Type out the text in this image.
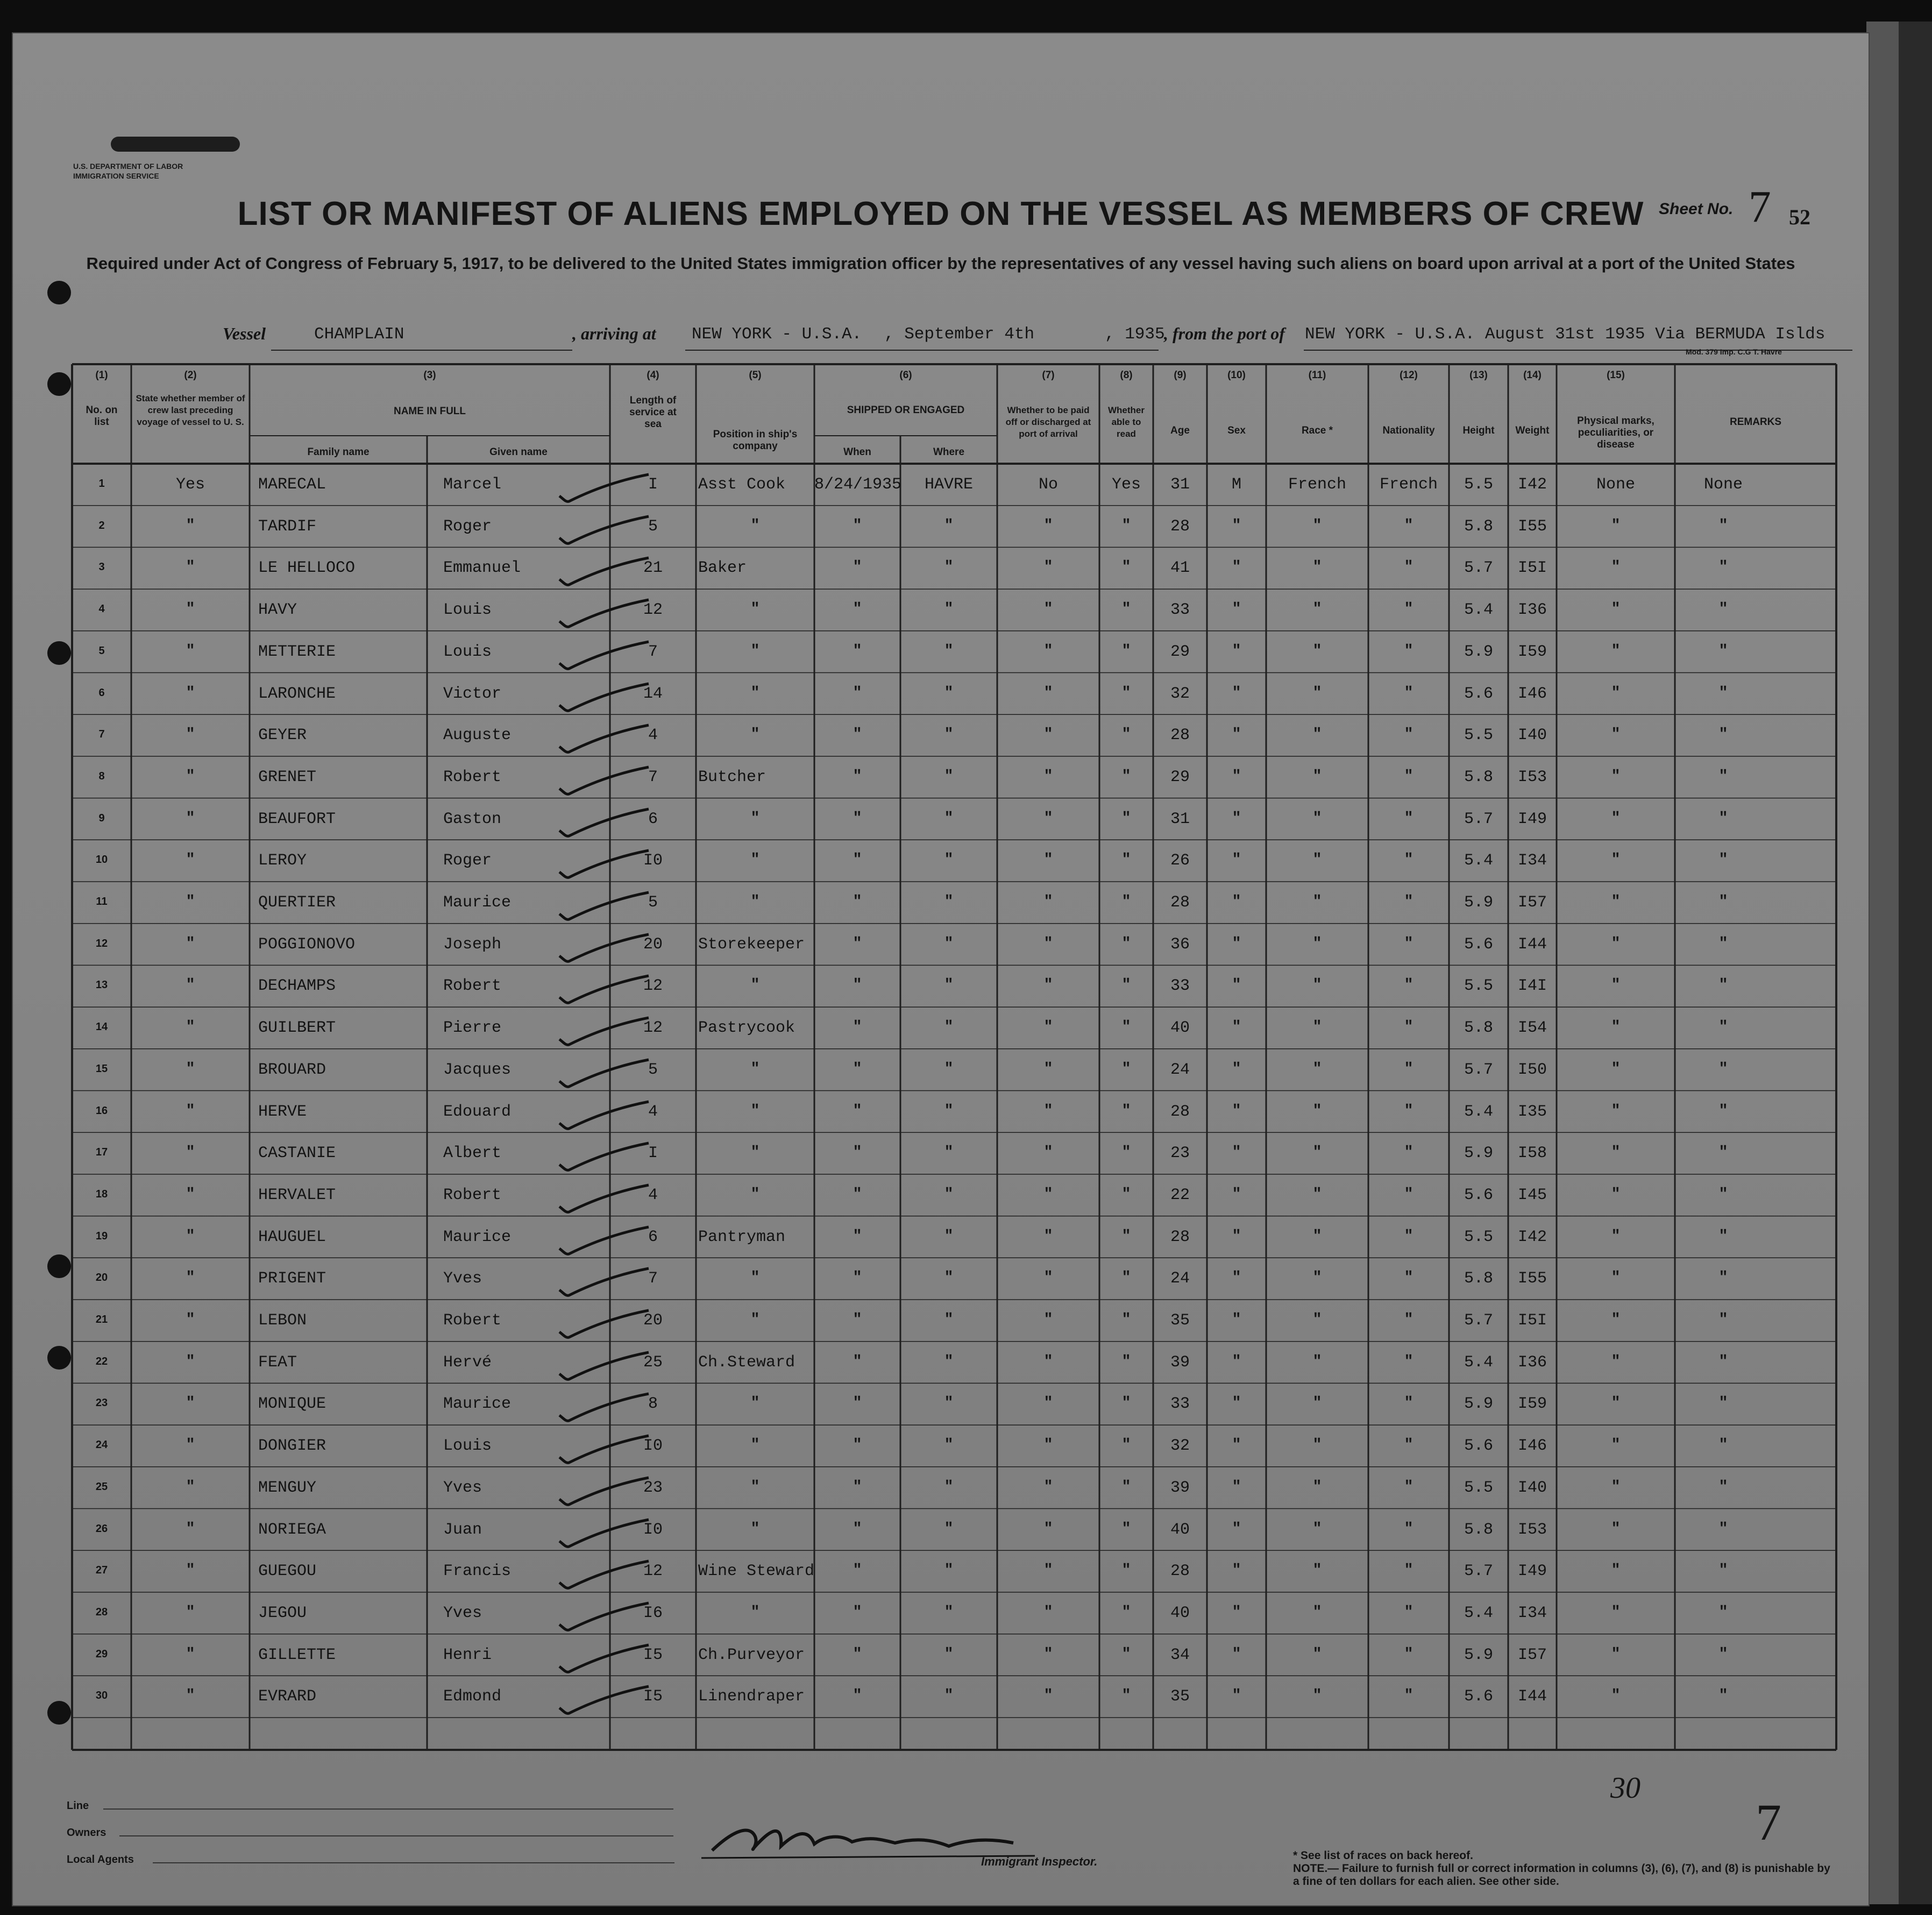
U.S. DEPARTMENT OF LABOR
IMMIGRATION SERVICE
Sheet No. 7 52
LIST OR MANIFEST OF ALIENS EMPLOYED ON THE VESSEL AS MEMBERS OF CREW
Required under Act of Congress of February 5, 1917, to be delivered to the United States immigration officer by the representatives of any vessel having such aliens on board upon arrival at a port of the United States
Vessel	CHAMPLAIN	, arriving at NEW YORK - U.S.A. , September 4th	, 1935
, from the port of NEW YORK - U.S.A. August 31st 1935 Via BERMUDA Islds
Mod. 379 Imp. C.G T. Havre
(1)
No. on list
(2)
State whether member of crew last preceding voyage of vessel to U. S.
(3)
NAME IN FULL
Family name	Given name
(4)
Length of service at sea
(5)
Position in ship's company
(6)
SHIPPED OR ENGAGED
When	Where
(7)
Whether to be paid off or discharged at port of arrival
(8)
Whether able to read
(9)
Age
(10)
Sex
(11)
Race *
(12)
Nationality
(13)
Height
(14)
Weight
(15)
Physical marks, peculiarities, or disease
REMARKS
1	Yes	MARECAL	Marcel	I	Asst Cook	8/24/1935	HAVRE	No	Yes	31	M	French	French	5.5	I42	None	None
2	"	TARDIF	Roger	5	"	"	"	"	"	28	"	"	"	5.8	I55	"	"
3	"	LE HELLOCO	Emmanuel	21	Baker	"	"	"	"	41	"	"	"	5.7	I5I	"	"
4	"	HAVY	Louis	12	"	"	"	"	"	33	"	"	"	5.4	I36	"	"
5	"	METTERIE	Louis	7	"	"	"	"	"	29	"	"	"	5.9	I59	"	"
6	"	LARONCHE	Victor	14	"	"	"	"	"	32	"	"	"	5.6	I46	"	"
7	"	GEYER	Auguste	4	"	"	"	"	"	28	"	"	"	5.5	I40	"	"
8	"	GRENET	Robert	7	Butcher	"	"	"	"	29	"	"	"	5.8	I53	"	"
9	"	BEAUFORT	Gaston	6	"	"	"	"	"	31	"	"	"	5.7	I49	"	"
10	"	LEROY	Roger	I0	"	"	"	"	"	26	"	"	"	5.4	I34	"	"
11	"	QUERTIER	Maurice	5	"	"	"	"	"	28	"	"	"	5.9	I57	"	"
12	"	POGGIONOVO	Joseph	20	Storekeeper	"	"	"	"	36	"	"	"	5.6	I44	"	"
13	"	DECHAMPS	Robert	12	"	"	"	"	"	33	"	"	"	5.5	I4I	"	"
14	"	GUILBERT	Pierre	12	Pastrycook	"	"	"	"	40	"	"	"	5.8	I54	"	"
15	"	BROUARD	Jacques	5	"	"	"	"	"	24	"	"	"	5.7	I50	"	"
16	"	HERVE	Edouard	4	"	"	"	"	"	28	"	"	"	5.4	I35	"	"
17	"	CASTANIE	Albert	I	"	"	"	"	"	23	"	"	"	5.9	I58	"	"
18	"	HERVALET	Robert	4	"	"	"	"	"	22	"	"	"	5.6	I45	"	"
19	"	HAUGUEL	Maurice	6	Pantryman	"	"	"	"	28	"	"	"	5.5	I42	"	"
20	"	PRIGENT	Yves	7	"	"	"	"	"	24	"	"	"	5.8	I55	"	"
21	"	LEBON	Robert	20	"	"	"	"	"	35	"	"	"	5.7	I5I	"	"
22	"	FEAT	Hervé	25	Ch.Steward	"	"	"	"	39	"	"	"	5.4	I36	"	"
23	"	MONIQUE	Maurice	8	"	"	"	"	"	33	"	"	"	5.9	I59	"	"
24	"	DONGIER	Louis	I0	"	"	"	"	"	32	"	"	"	5.6	I46	"	"
25	"	MENGUY	Yves	23	"	"	"	"	"	39	"	"	"	5.5	I40	"	"
26	"	NORIEGA	Juan	I0	"	"	"	"	"	40	"	"	"	5.8	I53	"	"
27	"	GUEGOU	Francis	12	Wine Steward	"	"	"	"	28	"	"	"	5.7	I49	"	"
28	"	JEGOU	Yves	I6	"	"	"	"	"	40	"	"	"	5.4	I34	"	"
29	"	GILLETTE	Henri	I5	Ch.Purveyor	"	"	"	"	34	"	"	"	5.9	I57	"	"
30	"	EVRARD	Edmond	I5	Linendraper	"	"	"	"	35	"	"	"	5.6	I44	"	"
Line
Owners
Local Agents	Immigrant Inspector.	* See list of races on back hereof.
NOTE.— Failure to furnish full or correct information in columns (3), (6), (7), and (8) is punishable by a fine of ten dollars for each alien. See other side.
7
30
